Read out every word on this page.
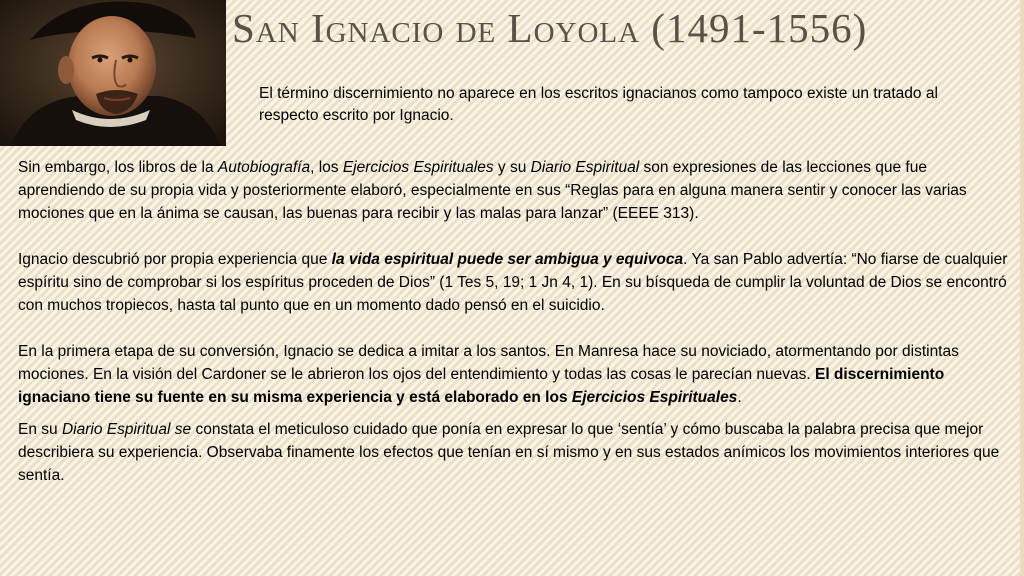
San Ignacio de Loyola (1491-1556)
El término discernimiento no aparece en los escritos ignacianos como tampoco existe un tratado al respecto escrito por Ignacio.

Sin embargo, los libros de la Autobiografía, los Ejercicios Espirituales y su Diario Espiritual son expresiones de las lecciones que fue aprendiendo de su propia vida y posteriormente elaboró, especialmente en sus “Reglas para en alguna manera sentir y conocer las varias mociones que en la ánima se causan, las buenas para recibir y las malas para lanzar” (EEEE 313).

Ignacio descubrió por propia experiencia que la vida espiritual puede ser ambigua y equivoca. Ya san Pablo advertía: “No fiarse de cualquier espíritu sino de comprobar si los espíritus proceden de Dios” (1 Tes 5, 19; 1 Jn 4, 1). En su bísqueda de cumplir la voluntad de Dios se encontró con muchos tropiecos, hasta tal punto que en un momento dado pensó en el suicidio.

En la primera etapa de su conversión, Ignacio se dedica a imitar a los santos. En Manresa hace su noviciado, atormentando por distintas mociones. En la visión del Cardoner se le abrieron los ojos del entendimiento y todas las cosas le parecían nuevas. El discernimiento ignaciano tiene su fuente en su misma experiencia y está elaborado en los Ejercicios Espirituales.

En su Diario Espiritual se constata el meticuloso cuidado que ponía en expresar lo que ‘sentía’ y cómo buscaba la palabra precisa que mejor describiera su experiencia. Observaba finamente los efectos que tenían en sí mismo y en sus estados anímicos los movimientos interiores que sentía.
